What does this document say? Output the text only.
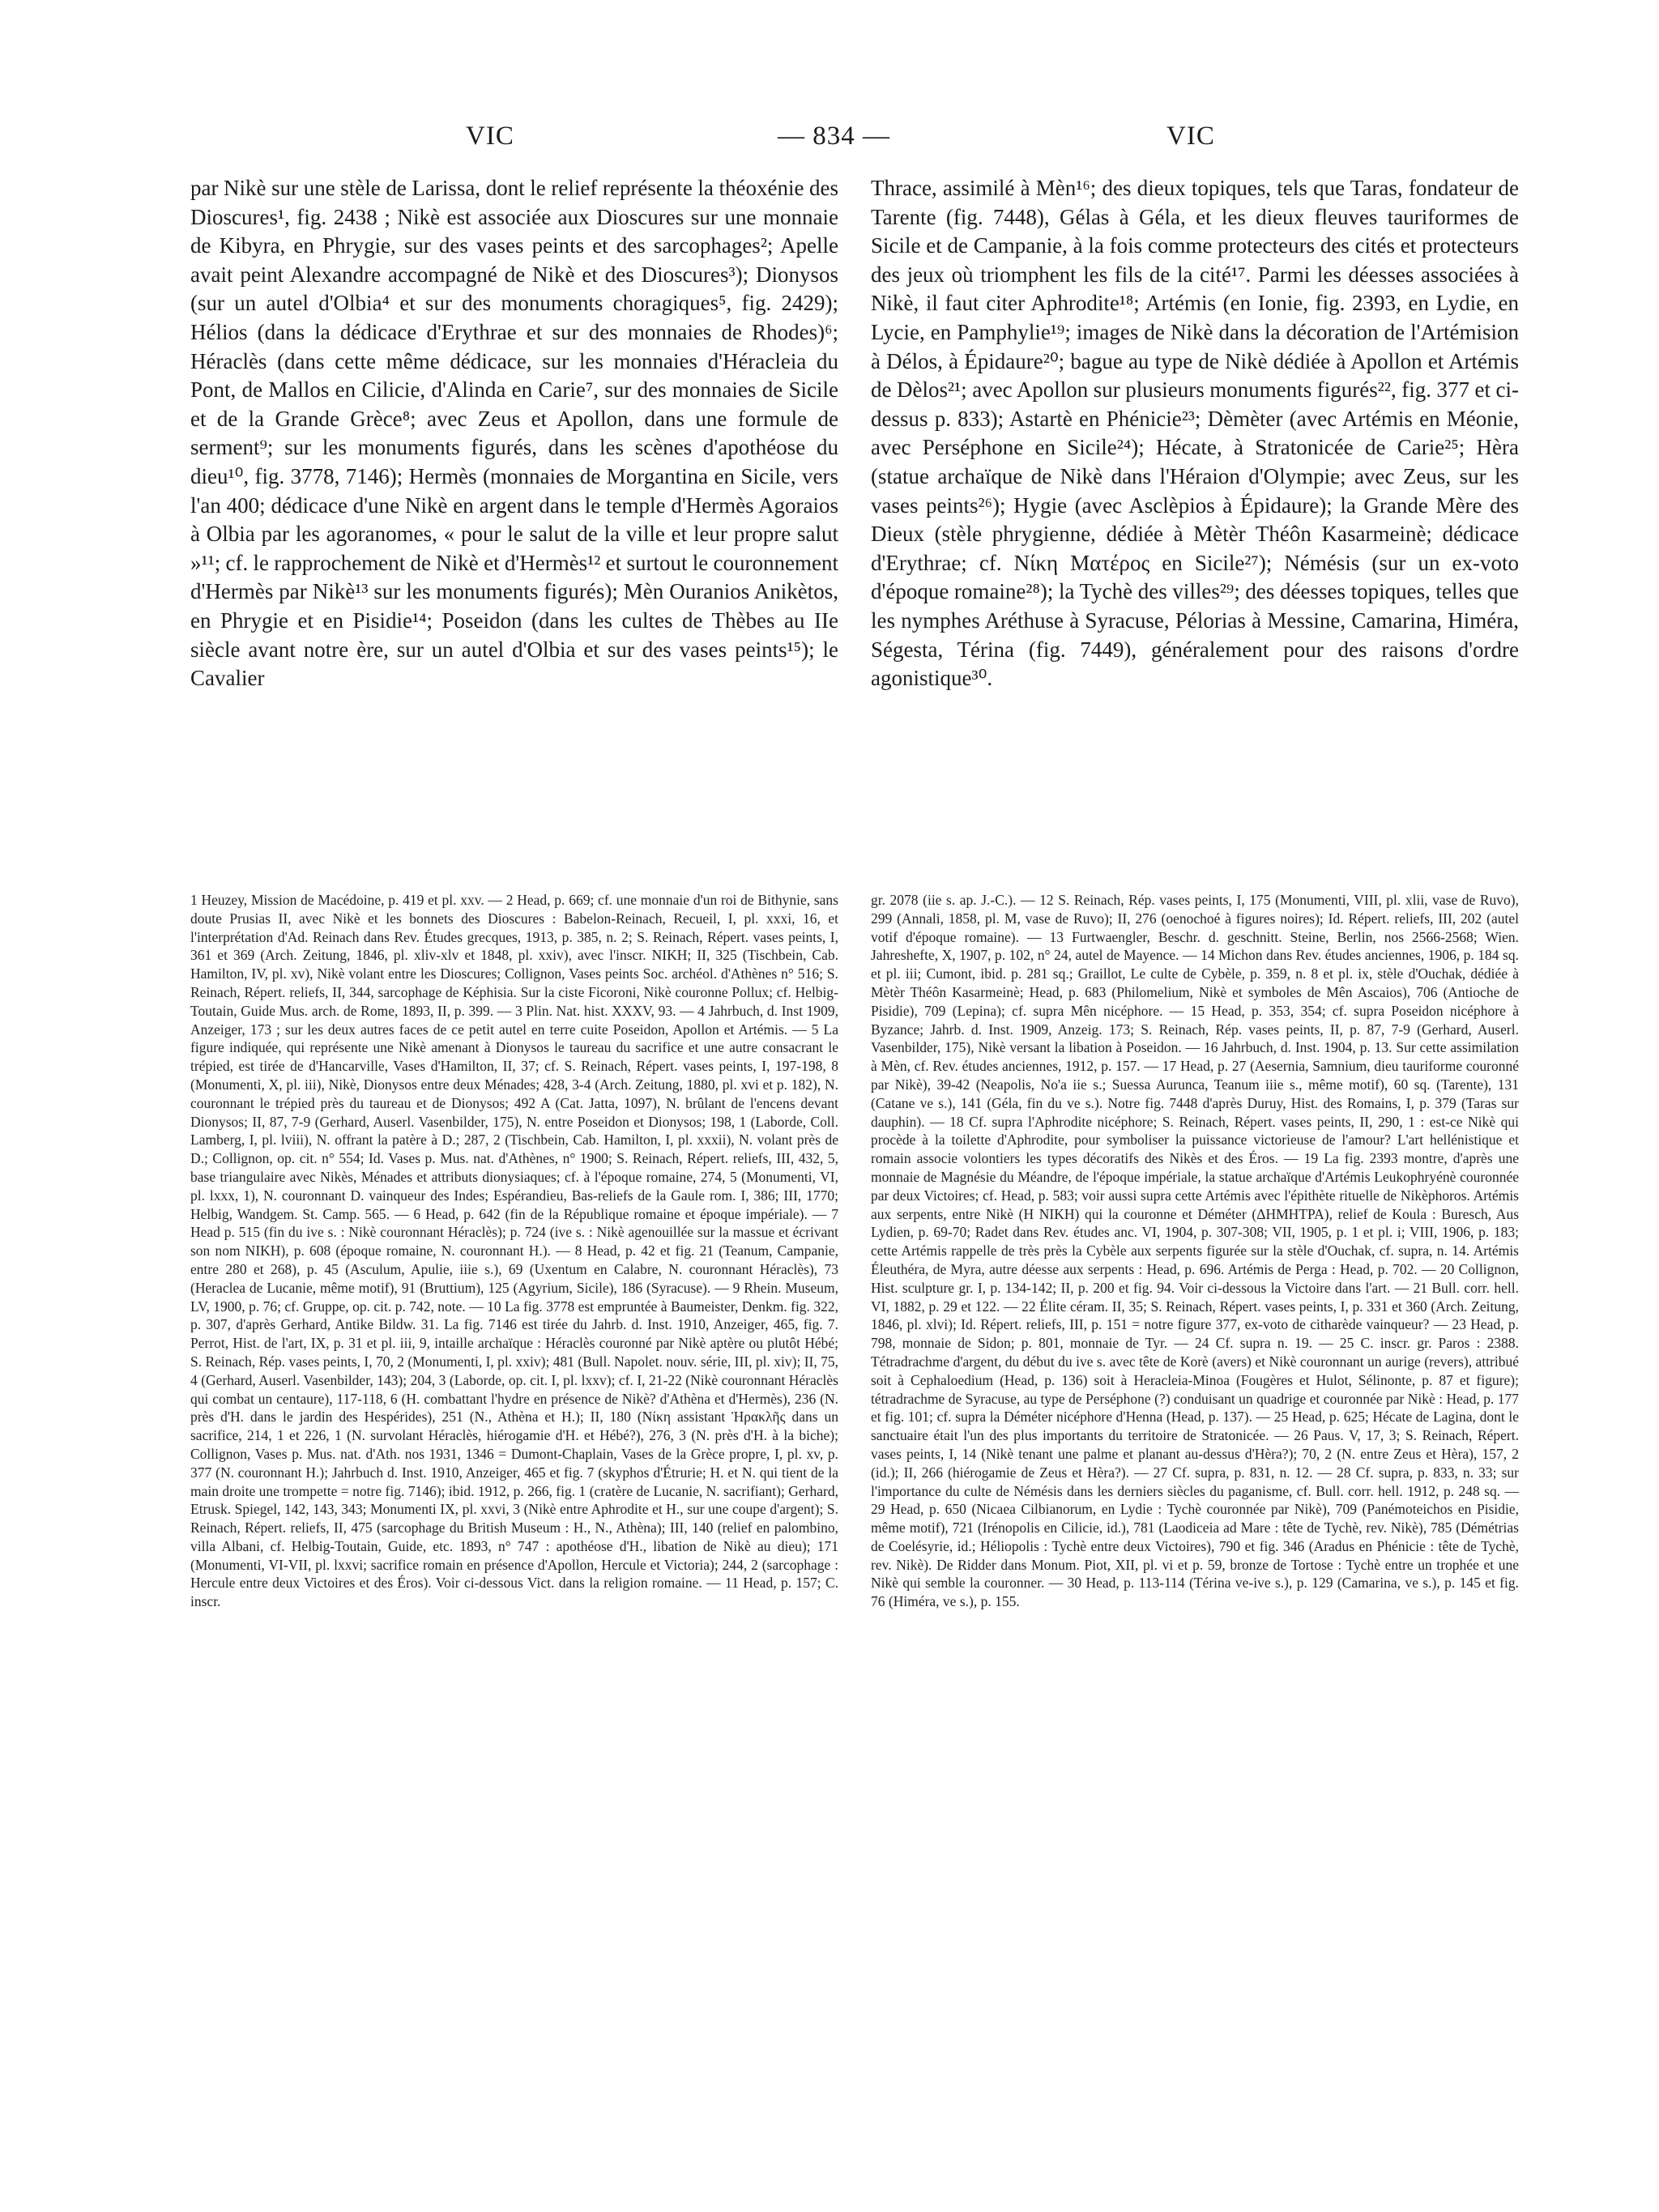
VIC	— 834 —	VIC

par Nikè sur une stèle de Larissa, dont le relief représente la théoxénie des Dioscures¹, fig. 2438 ; Nikè est associée aux Dioscures sur une monnaie de Kibyra, en Phrygie, sur des vases peints et des sarcophages²; Apelle avait peint Alexandre accompagné de Nikè et des Dioscures³); Dionysos (sur un autel d'Olbia⁴ et sur des monuments choragiques⁵, fig. 2429); Hélios (dans la dédicace d'Erythrae et sur des monnaies de Rhodes)⁶; Héraclès (dans cette même dédicace, sur les monnaies d'Héracleia du Pont, de Mallos en Cilicie, d'Alinda en Carie⁷, sur des monnaies de Sicile et de la Grande Grèce⁸; avec Zeus et Apollon, dans une formule de serment⁹; sur les monuments figurés, dans les scènes d'apothéose du dieu¹⁰, fig. 3778, 7146); Hermès (monnaies de Morgantina en Sicile, vers l'an 400; dédicace d'une Nikè en argent dans le temple d'Hermès Agoraios à Olbia par les agoranomes, « pour le salut de la ville et leur propre salut »¹¹; cf. le rapprochement de Nikè et d'Hermès¹² et surtout le couronnement d'Hermès par Nikè¹³ sur les monuments figurés); Mèn Ouranios Anikètos, en Phrygie et en Pisidie¹⁴; Poseidon (dans les cultes de Thèbes au IIe siècle avant notre ère, sur un autel d'Olbia et sur des vases peints¹⁵); le Cavalier

1 Heuzey, Mission de Macédoine, p. 419 et pl. xxv. — 2 Head, p. 669; cf. une monnaie d'un roi de Bithynie, sans doute Prusias II, avec Nikè et les bonnets des Dioscures : Babelon-Reinach, Recueil, I, pl. xxxi, 16, et l'interprétation d'Ad. Reinach dans Rev. Études grecques, 1913, p. 385, n. 2; S. Reinach, Répert. vases peints, I, 361 et 369 (Arch. Zeitung, 1846, pl. xliv-xlv et 1848, pl. xxiv), avec l'inscr. ΝΙΚΗ; II, 325 (Tischbein, Cab. Hamilton, IV, pl. xv), Nikè volant entre les Dioscures; Collignon, Vases peints Soc. archéol. d'Athènes n° 516; S. Reinach, Répert. reliefs, II, 344, sarcophage de Képhisia. Sur la ciste Ficoroni, Nikè couronne Pollux; cf. Helbig-Toutain, Guide Mus. arch. de Rome, 1893, II, p. 399. — 3 Plin. Nat. hist. XXXV, 93. — 4 Jahrbuch, d. Inst 1909, Anzeiger, 173 ; sur les deux autres faces de ce petit autel en terre cuite Poseidon, Apollon et Artémis. — 5 La figure indiquée, qui représente une Nikè amenant à Dionysos le taureau du sacrifice et une autre consacrant le trépied, est tirée de d'Hancarville, Vases d'Hamilton, II, 37; cf. S. Reinach, Répert. vases peints, I, 197-198, 8 (Monumenti, X, pl. iii), Nikè, Dionysos entre deux Ménades; 428, 3-4 (Arch. Zeitung, 1880, pl. xvi et p. 182), N. couronnant le trépied près du taureau et de Dionysos; 492 A (Cat. Jatta, 1097), N. brûlant de l'encens devant Dionysos; II, 87, 7-9 (Gerhard, Auserl. Vasenbilder, 175), N. entre Poseidon et Dionysos; 198, 1 (Laborde, Coll. Lamberg, I, pl. lviii), N. offrant la patère à D.; 287, 2 (Tischbein, Cab. Hamilton, I, pl. xxxii), N. volant près de D.; Collignon, op. cit. n° 554; Id. Vases p. Mus. nat. d'Athènes, n° 1900; S. Reinach, Répert. reliefs, III, 432, 5, base triangulaire avec Nikès, Ménades et attributs dionysiaques; cf. à l'époque romaine, 274, 5 (Monumenti, VI, pl. lxxx, 1), N. couronnant D. vainqueur des Indes; Espérandieu, Bas-reliefs de la Gaule rom. I, 386; III, 1770; Helbig, Wandgem. St. Camp. 565. — 6 Head, p. 642 (fin de la République romaine et époque impériale). — 7 Head p. 515 (fin du ive s. : Nikè couronnant Héraclès); p. 724 (ive s. : Nikè agenouillée sur la massue et écrivant son nom ΝΙΚΗ), p. 608 (époque romaine, N. couronnant H.). — 8 Head, p. 42 et fig. 21 (Teanum, Campanie, entre 280 et 268), p. 45 (Asculum, Apulie, iiie s.), 69 (Uxentum en Calabre, N. couronnant Héraclès), 73 (Heraclea de Lucanie, même motif), 91 (Bruttium), 125 (Agyrium, Sicile), 186 (Syracuse). — 9 Rhein. Museum, LV, 1900, p. 76; cf. Gruppe, op. cit. p. 742, note. — 10 La fig. 3778 est empruntée à Baumeister, Denkm. fig. 322, p. 307, d'après Gerhard, Antike Bildw. 31. La fig. 7146 est tirée du Jahrb. d. Inst. 1910, Anzeiger, 465, fig. 7. Perrot, Hist. de l'art, IX, p. 31 et pl. iii, 9, intaille archaïque : Héraclès couronné par Nikè aptère ou plutôt Hébé; S. Reinach, Rép. vases peints, I, 70, 2 (Monumenti, I, pl. xxiv); 481 (Bull. Napolet. nouv. série, III, pl. xiv); II, 75, 4 (Gerhard, Auserl. Vasenbilder, 143); 204, 3 (Laborde, op. cit. I, pl. lxxv); cf. I, 21-22 (Nikè couronnant Héraclès qui combat un centaure), 117-118, 6 (H. combattant l'hydre en présence de Nikè? d'Athèna et d'Hermès), 236 (N. près d'H. dans le jardin des Hespérides), 251 (N., Athèna et H.); II, 180 (Νίκη assistant Ἡρακλῆς dans un sacrifice, 214, 1 et 226, 1 (N. survolant Héraclès, hiérogamie d'H. et Hébé?), 276, 3 (N. près d'H. à la biche); Collignon, Vases p. Mus. nat. d'Ath. nos 1931, 1346 = Dumont-Chaplain, Vases de la Grèce propre, I, pl. xv, p. 377 (N. couronnant H.); Jahrbuch d. Inst. 1910, Anzeiger, 465 et fig. 7 (skyphos d'Étrurie; H. et N. qui tient de la main droite une trompette = notre fig. 7146); ibid. 1912, p. 266, fig. 1 (cratère de Lucanie, N. sacrifiant); Gerhard, Etrusk. Spiegel, 142, 143, 343; Monumenti IX, pl. xxvi, 3 (Nikè entre Aphrodite et H., sur une coupe d'argent); S. Reinach, Répert. reliefs, II, 475 (sarcophage du British Museum : H., N., Athèna); III, 140 (relief en palombino, villa Albani, cf. Helbig-Toutain, Guide, etc. 1893, n° 747 : apothéose d'H., libation de Nikè au dieu); 171 (Monumenti, VI-VII, pl. lxxvi; sacrifice romain en présence d'Apollon, Hercule et Victoria); 244, 2 (sarcophage : Hercule entre deux Victoires et des Éros). Voir ci-dessous Vict. dans la religion romaine. — 11 Head, p. 157; C. inscr.

Thrace, assimilé à Mèn¹⁶; des dieux topiques, tels que Taras, fondateur de Tarente (fig. 7448), Gélas à Géla, et les dieux fleuves tauriformes de Sicile et de Campanie, à la fois comme protecteurs des cités et protecteurs des jeux où triomphent les fils de la cité¹⁷. Parmi les déesses associées à Nikè, il faut citer Aphrodite¹⁸; Artémis (en Ionie, fig. 2393, en Lydie, en Lycie, en Pamphylie¹⁹; images de Nikè dans la décoration de l'Artémision à Délos, à Épidaure²⁰; bague au type de Nikè dédiée à Apollon et Artémis de Dèlos²¹; avec Apollon sur plusieurs monuments figurés²², fig. 377 et ci-dessus p. 833); Astartè en Phénicie²³; Dèmèter (avec Artémis en Méonie, avec Perséphone en Sicile²⁴); Hécate, à Stratonicée de Carie²⁵; Hèra (statue archaïque de Nikè dans l'Héraion d'Olympie; avec Zeus, sur les vases peints²⁶); Hygie (avec Asclèpios à Épidaure); la Grande Mère des Dieux (stèle phrygienne, dédiée à Mètèr Théôn Kasarmeinè; dédicace d'Erythrae; cf. Νίκη Ματέρος en Sicile²⁷); Némésis (sur un ex-voto d'époque romaine²⁸); la Tychè des villes²⁹; des déesses topiques, telles que les nymphes Aréthuse à Syracuse, Pélorias à Messine, Camarina, Himéra, Ségesta, Térina (fig. 7449), généralement pour des raisons d'ordre agonistique³⁰.

gr. 2078 (iie s. ap. J.-C.). — 12 S. Reinach, Rép. vases peints, I, 175 (Monumenti, VIII, pl. xlii, vase de Ruvo), 299 (Annali, 1858, pl. M, vase de Ruvo); II, 276 (oenochoé à figures noires); Id. Répert. reliefs, III, 202 (autel votif d'époque romaine). — 13 Furtwaengler, Beschr. d. geschnitt. Steine, Berlin, nos 2566-2568; Wien. Jahreshefte, X, 1907, p. 102, n° 24, autel de Mayence. — 14 Michon dans Rev. études anciennes, 1906, p. 184 sq. et pl. iii; Cumont, ibid. p. 281 sq.; Graillot, Le culte de Cybèle, p. 359, n. 8 et pl. ix, stèle d'Ouchak, dédiée à Mètèr Théôn Kasarmeinè; Head, p. 683 (Philomelium, Nikè et symboles de Mên Ascaios), 706 (Antioche de Pisidie), 709 (Lepina); cf. supra Mên nicéphore. — 15 Head, p. 353, 354; cf. supra Poseidon nicéphore à Byzance; Jahrb. d. Inst. 1909, Anzeig. 173; S. Reinach, Rép. vases peints, II, p. 87, 7-9 (Gerhard, Auserl. Vasenbilder, 175), Nikè versant la libation à Poseidon. — 16 Jahrbuch, d. Inst. 1904, p. 13. Sur cette assimilation à Mèn, cf. Rev. études anciennes, 1912, p. 157. — 17 Head, p. 27 (Aesernia, Samnium, dieu tauriforme couronné par Nikè), 39-42 (Neapolis, No'a iie s.; Suessa Aurunca, Teanum iiie s., même motif), 60 sq. (Tarente), 131 (Catane ve s.), 141 (Géla, fin du ve s.). Notre fig. 7448 d'après Duruy, Hist. des Romains, I, p. 379 (Taras sur dauphin). — 18 Cf. supra l'Aphrodite nicéphore; S. Reinach, Répert. vases peints, II, 290, 1 : est-ce Nikè qui procède à la toilette d'Aphrodite, pour symboliser la puissance victorieuse de l'amour? L'art hellénistique et romain associe volontiers les types décoratifs des Nikès et des Éros. — 19 La fig. 2393 montre, d'après une monnaie de Magnésie du Méandre, de l'époque impériale, la statue archaïque d'Artémis Leukophryénè couronnée par deux Victoires; cf. Head, p. 583; voir aussi supra cette Artémis avec l'épithète rituelle de Nikèphoros. Artémis aux serpents, entre Nikè (Η ΝΙΚΗ) qui la couronne et Déméter (ΔΗΜΗΤΡΑ), relief de Koula : Buresch, Aus Lydien, p. 69-70; Radet dans Rev. études anc. VI, 1904, p. 307-308; VII, 1905, p. 1 et pl. i; VIII, 1906, p. 183; cette Artémis rappelle de très près la Cybèle aux serpents figurée sur la stèle d'Ouchak, cf. supra, n. 14. Artémis Éleuthéra, de Myra, autre déesse aux serpents : Head, p. 696. Artémis de Perga : Head, p. 702. — 20 Collignon, Hist. sculpture gr. I, p. 134-142; II, p. 200 et fig. 94. Voir ci-dessous la Victoire dans l'art. — 21 Bull. corr. hell. VI, 1882, p. 29 et 122. — 22 Élite céram. II, 35; S. Reinach, Répert. vases peints, I, p. 331 et 360 (Arch. Zeitung, 1846, pl. xlvi); Id. Répert. reliefs, III, p. 151 = notre figure 377, ex-voto de citharède vainqueur? — 23 Head, p. 798, monnaie de Sidon; p. 801, monnaie de Tyr. — 24 Cf. supra n. 19. — 25 C. inscr. gr. Paros : 2388. Tétradrachme d'argent, du début du ive s. avec tête de Korè (avers) et Nikè couronnant un aurige (revers), attribué soit à Cephaloedium (Head, p. 136) soit à Heracleia-Minoa (Fougères et Hulot, Sélinonte, p. 87 et figure); tétradrachme de Syracuse, au type de Perséphone (?) conduisant un quadrige et couronnée par Nikè : Head, p. 177 et fig. 101; cf. supra la Déméter nicéphore d'Henna (Head, p. 137). — 25 Head, p. 625; Hécate de Lagina, dont le sanctuaire était l'un des plus importants du territoire de Stratonicée. — 26 Paus. V, 17, 3; S. Reinach, Répert. vases peints, I, 14 (Nikè tenant une palme et planant au-dessus d'Hèra?); 70, 2 (N. entre Zeus et Hèra), 157, 2 (id.); II, 266 (hiérogamie de Zeus et Hèra?). — 27 Cf. supra, p. 831, n. 12. — 28 Cf. supra, p. 833, n. 33; sur l'importance du culte de Némésis dans les derniers siècles du paganisme, cf. Bull. corr. hell. 1912, p. 248 sq. — 29 Head, p. 650 (Nicaea Cilbianorum, en Lydie : Tychè couronnée par Nikè), 709 (Panémoteichos en Pisidie, même motif), 721 (Irénopolis en Cilicie, id.), 781 (Laodiceia ad Mare : tête de Tychè, rev. Nikè), 785 (Démétrias de Coelésyrie, id.; Héliopolis : Tychè entre deux Victoires), 790 et fig. 346 (Aradus en Phénicie : tête de Tychè, rev. Nikè). De Ridder dans Monum. Piot, XII, pl. vi et p. 59, bronze de Tortose : Tychè entre un trophée et une Nikè qui semble la couronner. — 30 Head, p. 113-114 (Térina ve-ive s.), p. 129 (Camarina, ve s.), p. 145 et fig. 76 (Himéra, ve s.), p. 155.
